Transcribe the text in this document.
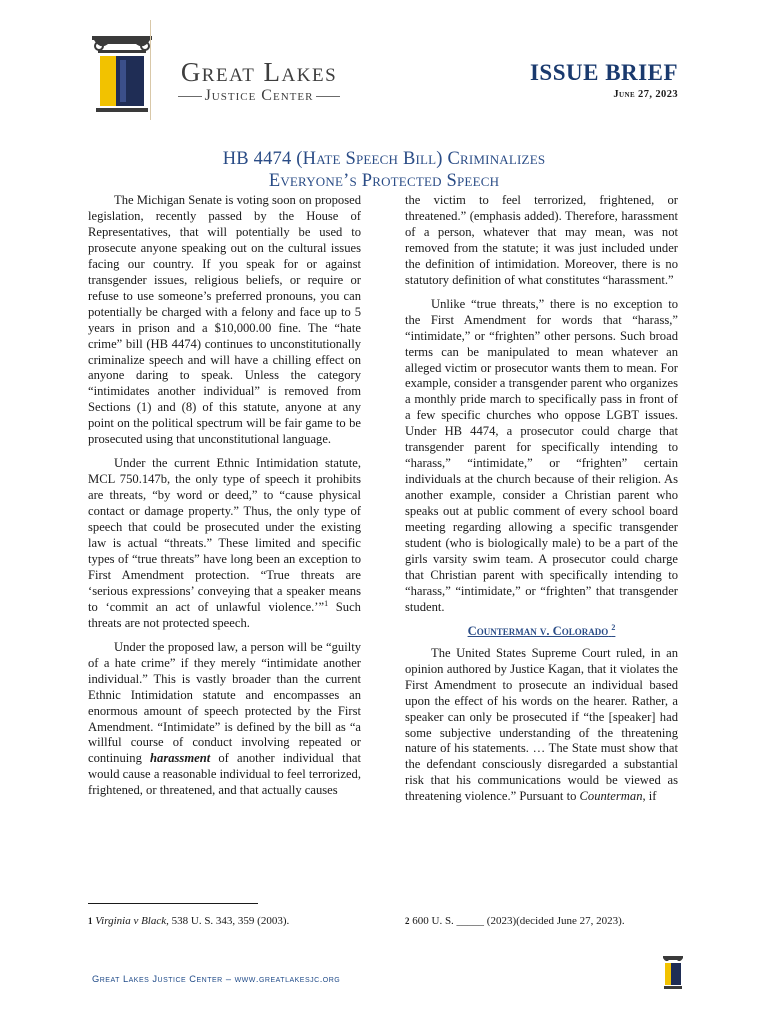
Great Lakes
Justice Center
ISSUE BRIEF
June 27, 2023
HB 4474 (Hate Speech Bill) Criminalizes
Everyone’s Protected Speech

The Michigan Senate is voting soon on proposed legislation, recently passed by the House of Representatives, that will potentially be used to prosecute anyone speaking out on the cultural issues facing our country. If you speak for or against transgender issues, religious beliefs, or require or refuse to use someone’s preferred pronouns, you can potentially be charged with a felony and face up to 5 years in prison and a $10,000.00 fine. The “hate crime” bill (HB 4474) continues to unconstitutionally criminalize speech and will have a chilling effect on anyone daring to speak. Unless the category “intimidates another individual” is removed from Sections (1) and (8) of this statute, anyone at any point on the political spectrum will be fair game to be prosecuted using that unconstitutional language.

Under the current Ethnic Intimidation statute, MCL 750.147b, the only type of speech it prohibits are threats, “by word or deed,” to “cause physical contact or damage property.” Thus, the only type of speech that could be prosecuted under the existing law is actual “threats.” These limited and specific types of “true threats” have long been an exception to First Amendment protection. “True threats are ‘serious expressions’ conveying that a speaker means to ‘commit an act of unlawful violence.’”$^1$ Such threats are not protected speech.

Under the proposed law, a person will be “guilty of a hate crime” if they merely “intimidate another individual.” This is vastly broader than the current Ethnic Intimidation statute and encompasses an enormous amount of speech protected by the First Amendment. “Intimidate” is defined by the bill as “a willful course of conduct involving repeated or continuing harassment of another individual that would cause a reasonable individual to feel terrorized, frightened, or threatened, and that actually causes

the victim to feel terrorized, frightened, or threatened.” (emphasis added). Therefore, harassment of a person, whatever that may mean, was not removed from the statute; it was just included under the definition of intimidation. Moreover, there is no statutory definition of what constitutes “harassment.”

Unlike “true threats,” there is no exception to the First Amendment for words that “harass,” “intimidate,” or “frighten” other persons. Such broad terms can be manipulated to mean whatever an alleged victim or prosecutor wants them to mean. For example, consider a transgender parent who organizes a monthly pride march to specifically pass in front of a few specific churches who oppose LGBT issues. Under HB 4474, a prosecutor could charge that transgender parent for specifically intending to “harass,” “intimidate,” or “frighten” certain individuals at the church because of their religion. As another example, consider a Christian parent who speaks out at public comment of every school board meeting regarding allowing a specific transgender student (who is biologically male) to be a part of the girls varsity swim team. A prosecutor could charge that Christian parent with specifically intending to “harass,” “intimidate,” or “frighten” that transgender student.

Counterman v. Colorado $^2$

The United States Supreme Court ruled, in an opinion authored by Justice Kagan, that it violates the First Amendment to prosecute an individual based upon the effect of his words on the hearer. Rather, a speaker can only be prosecuted if “the [speaker] had some subjective understanding of the threatening nature of his statements. … The State must show that the defendant consciously disregarded a substantial risk that his communications would be viewed as threatening violence.” Pursuant to Counterman, if

$^1$ Virginia v Black, 538 U. S. 343, 359 (2003).	$^2$ 600 U. S. _____ (2023)(decided June 27, 2023).
Great Lakes Justice Center – www.greatlakesjc.org
